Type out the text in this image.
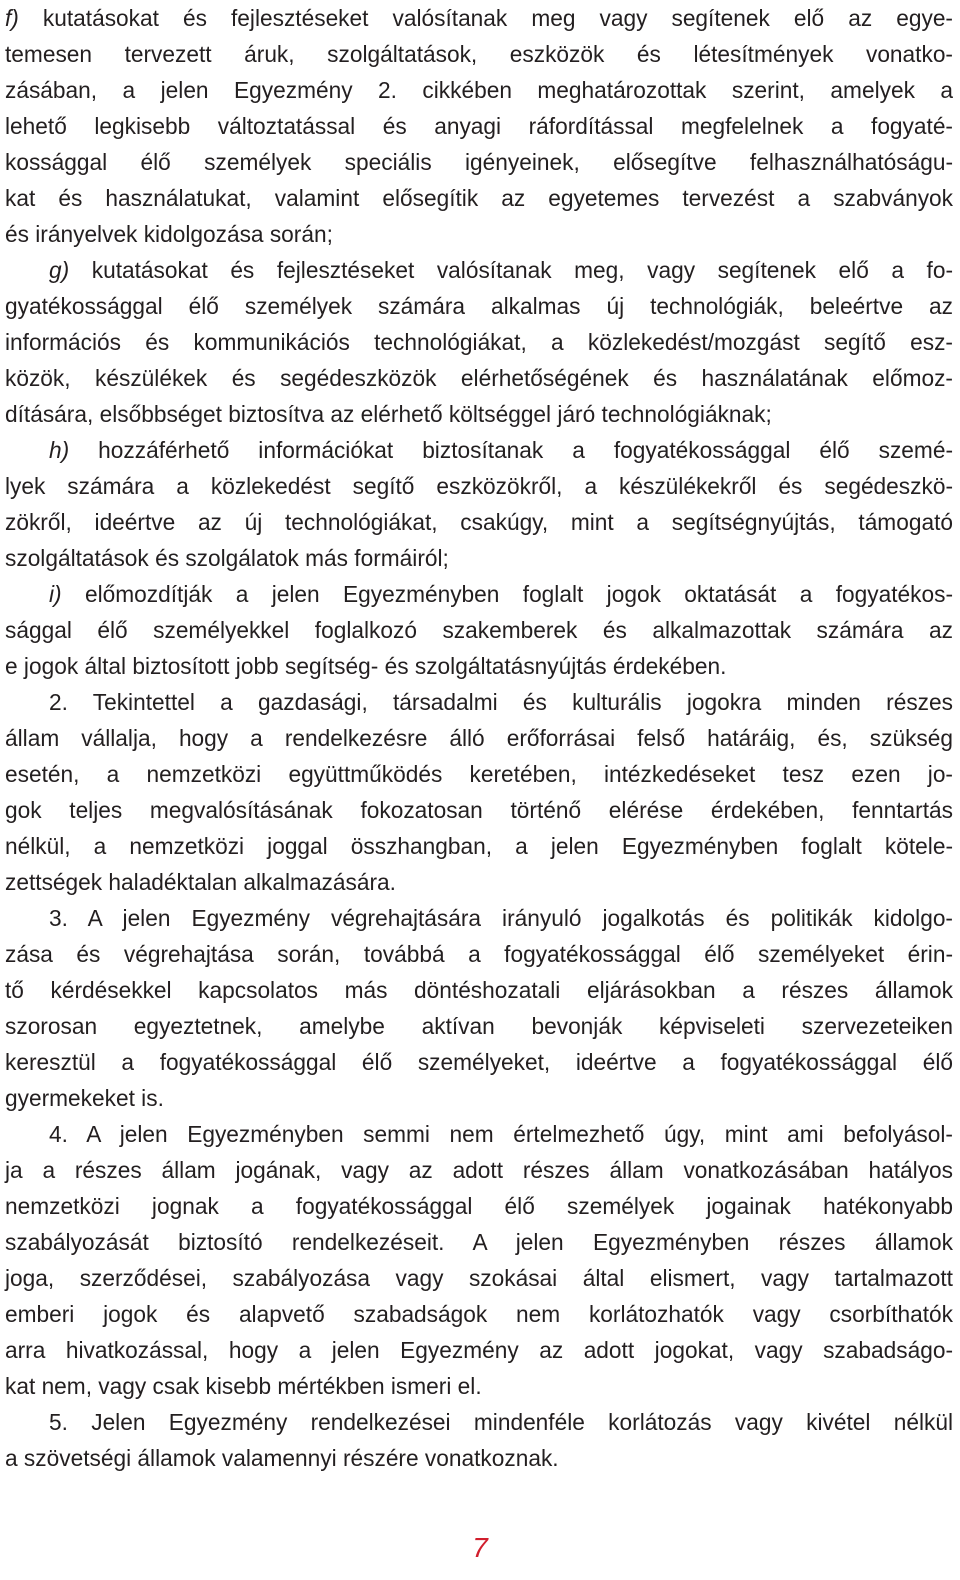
f) kutatásokat és fejlesztéseket valósítanak meg vagy segítenek elő az egye-
temesen tervezett áruk, szolgáltatások, eszközök és létesítmények vonatko-
zásában, a jelen Egyezmény 2. cikkében meghatározottak szerint, amelyek a
lehető legkisebb változtatással és anyagi ráfordítással megfelelnek a fogyaté-
kossággal élő személyek speciális igényeinek, elősegítve felhasználhatóságu-
kat és használatukat, valamint elősegítik az egyetemes tervezést a szabványok
és irányelvek kidolgozása során;
g) kutatásokat és fejlesztéseket valósítanak meg, vagy segítenek elő a fo-
gyatékossággal élő személyek számára alkalmas új technológiák, beleértve az
információs és kommunikációs technológiákat, a közlekedést/mozgást segítő esz-
közök, készülékek és segédeszközök elérhetőségének és használatának előmoz-
dítására, elsőbbséget biztosítva az elérhető költséggel járó technológiáknak;
h) hozzáférhető információkat biztosítanak a fogyatékossággal élő szemé-
lyek számára a közlekedést segítő eszközökről, a készülékekről és segédeszkö-
zökről, ideértve az új technológiákat, csakúgy, mint a segítségnyújtás, támogató
szolgáltatások és szolgálatok más formáiról;
i) előmozdítják a jelen Egyezményben foglalt jogok oktatását a fogyatékos-
sággal élő személyekkel foglalkozó szakemberek és alkalmazottak számára az
e jogok által biztosított jobb segítség- és szolgáltatásnyújtás érdekében.
2. Tekintettel a gazdasági, társadalmi és kulturális jogokra minden részes
állam vállalja, hogy a rendelkezésre álló erőforrásai felső határáig, és, szükség
esetén, a nemzetközi együttműködés keretében, intézkedéseket tesz ezen jo-
gok teljes megvalósításának fokozatosan történő elérése érdekében, fenntartás
nélkül, a nemzetközi joggal összhangban, a jelen Egyezményben foglalt kötele-
zettségek haladéktalan alkalmazására.
3. A jelen Egyezmény végrehajtására irányuló jogalkotás és politikák kidolgo-
zása és végrehajtása során, továbbá a fogyatékossággal élő személyeket érin-
tő kérdésekkel kapcsolatos más döntéshozatali eljárásokban a részes államok
szorosan egyeztetnek, amelybe aktívan bevonják képviseleti szervezeteiken
keresztül a fogyatékossággal élő személyeket, ideértve a fogyatékossággal élő
gyermekeket is.
4. A jelen Egyezményben semmi nem értelmezhető úgy, mint ami befolyásol-
ja a részes állam jogának, vagy az adott részes állam vonatkozásában hatályos
nemzetközi jognak a fogyatékossággal élő személyek jogainak hatékonyabb
szabályozását biztosító rendelkezéseit. A jelen Egyezményben részes államok
joga, szerződései, szabályozása vagy szokásai által elismert, vagy tartalmazott
emberi jogok és alapvető szabadságok nem korlátozhatók vagy csorbíthatók
arra hivatkozással, hogy a jelen Egyezmény az adott jogokat, vagy szabadságo-
kat nem, vagy csak kisebb mértékben ismeri el.
5. Jelen Egyezmény rendelkezései mindenféle korlátozás vagy kivétel nélkül
a szövetségi államok valamennyi részére vonatkoznak.
7
